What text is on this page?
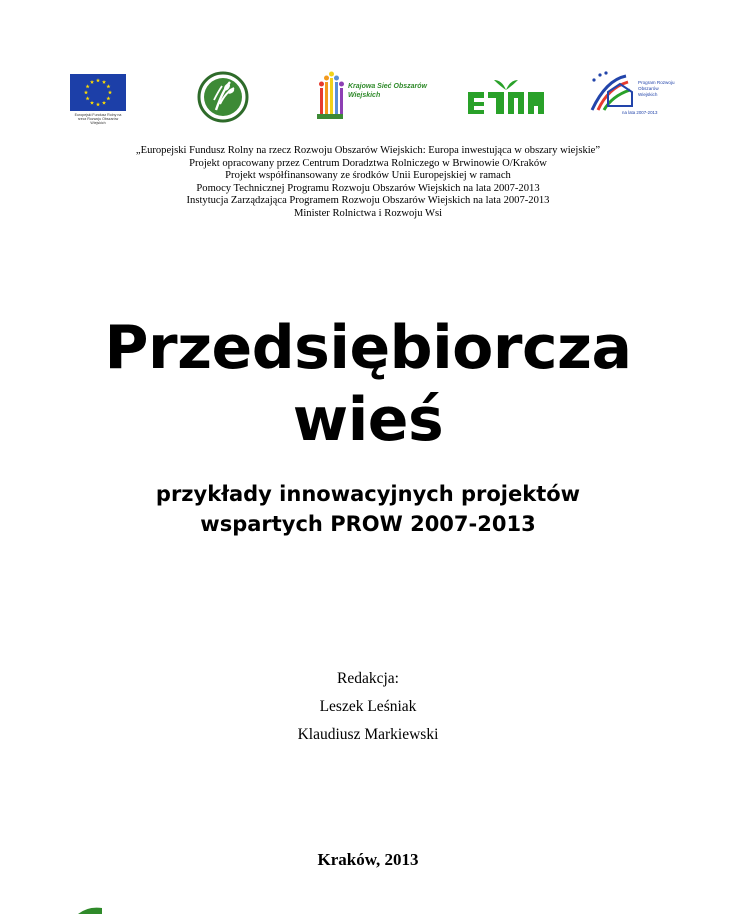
Europejski Fundusz Rolny na rzecz Rozwoju Obszarów Wiejskich
Krajowa Sieć Obszarów Wiejskich
Program Rozwoju Obszarów Wiejskich
na lata 2007-2013
„Europejski Fundusz Rolny na rzecz Rozwoju Obszarów Wiejskich: Europa inwestująca w obszary wiejskie”
Projekt opracowany przez Centrum Doradztwa Rolniczego w Brwinowie O/Kraków
Projekt współfinansowany ze środków Unii Europejskiej w ramach
Pomocy Technicznej Programu Rozwoju Obszarów Wiejskich na lata 2007-2013
Instytucja Zarządzająca Programem Rozwoju Obszarów Wiejskich na lata 2007-2013
Minister Rolnictwa i Rozwoju Wsi
Przedsiębiorcza
wieś
przykłady innowacyjnych projektów
wspartych PROW 2007-2013
Redakcja:
Leszek Leśniak
Klaudiusz Markiewski
Kraków, 2013
